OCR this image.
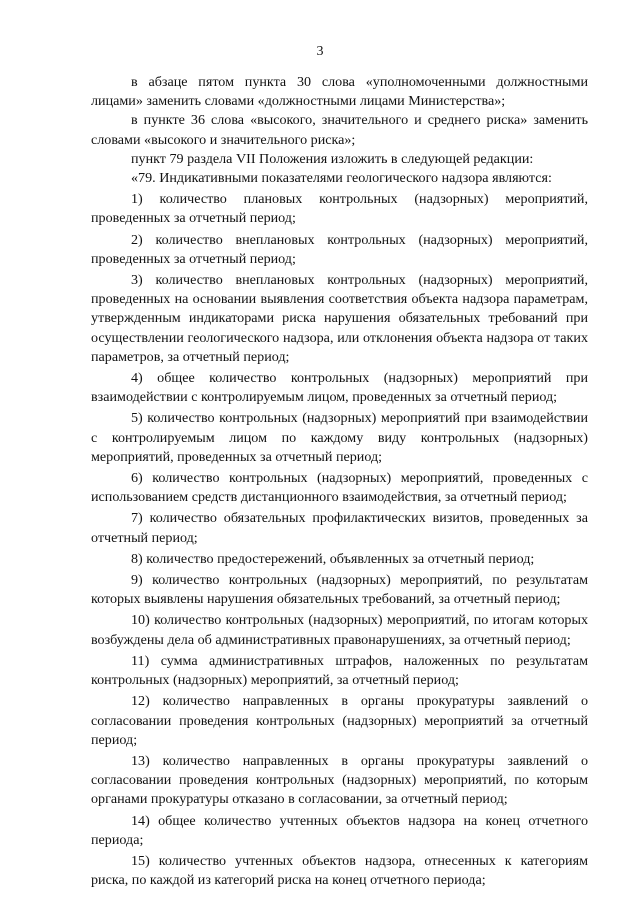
3

в абзаце пятом пункта 30 слова «уполномоченными должностными лицами» заменить словами «должностными лицами Министерства»;

в пункте 36 слова «высокого, значительного и среднего риска» заменить словами «высокого и значительного риска»;

пункт 79 раздела VII Положения изложить в следующей редакции:

«79. Индикативными показателями геологического надзора являются:

1) количество плановых контрольных (надзорных) мероприятий, проведенных за отчетный период;

2) количество внеплановых контрольных (надзорных) мероприятий, проведенных за отчетный период;

3) количество внеплановых контрольных (надзорных) мероприятий, проведенных на основании выявления соответствия объекта надзора параметрам, утвержденным индикаторами риска нарушения обязательных требований при осуществлении геологического надзора, или отклонения объекта надзора от таких параметров, за отчетный период;

4) общее количество контрольных (надзорных) мероприятий при взаимодействии с контролируемым лицом, проведенных за отчетный период;

5) количество контрольных (надзорных) мероприятий при взаимодействии с контролируемым лицом по каждому виду контрольных (надзорных) мероприятий, проведенных за отчетный период;

6) количество контрольных (надзорных) мероприятий, проведенных с использованием средств дистанционного взаимодействия, за отчетный период;

7) количество обязательных профилактических визитов, проведенных за отчетный период;

8) количество предостережений, объявленных за отчетный период;

9) количество контрольных (надзорных) мероприятий, по результатам которых выявлены нарушения обязательных требований, за отчетный период;

10) количество контрольных (надзорных) мероприятий, по итогам которых возбуждены дела об административных правонарушениях, за отчетный период;

11) сумма административных штрафов, наложенных по результатам контрольных (надзорных) мероприятий, за отчетный период;

12) количество направленных в органы прокуратуры заявлений о согласовании проведения контрольных (надзорных) мероприятий за отчетный период;

13) количество направленных в органы прокуратуры заявлений о согласовании проведения контрольных (надзорных) мероприятий, по которым органами прокуратуры отказано в согласовании, за отчетный период;

14) общее количество учтенных объектов надзора на конец отчетного периода;

15) количество учтенных объектов надзора, отнесенных к категориям риска, по каждой из категорий риска на конец отчетного периода;
